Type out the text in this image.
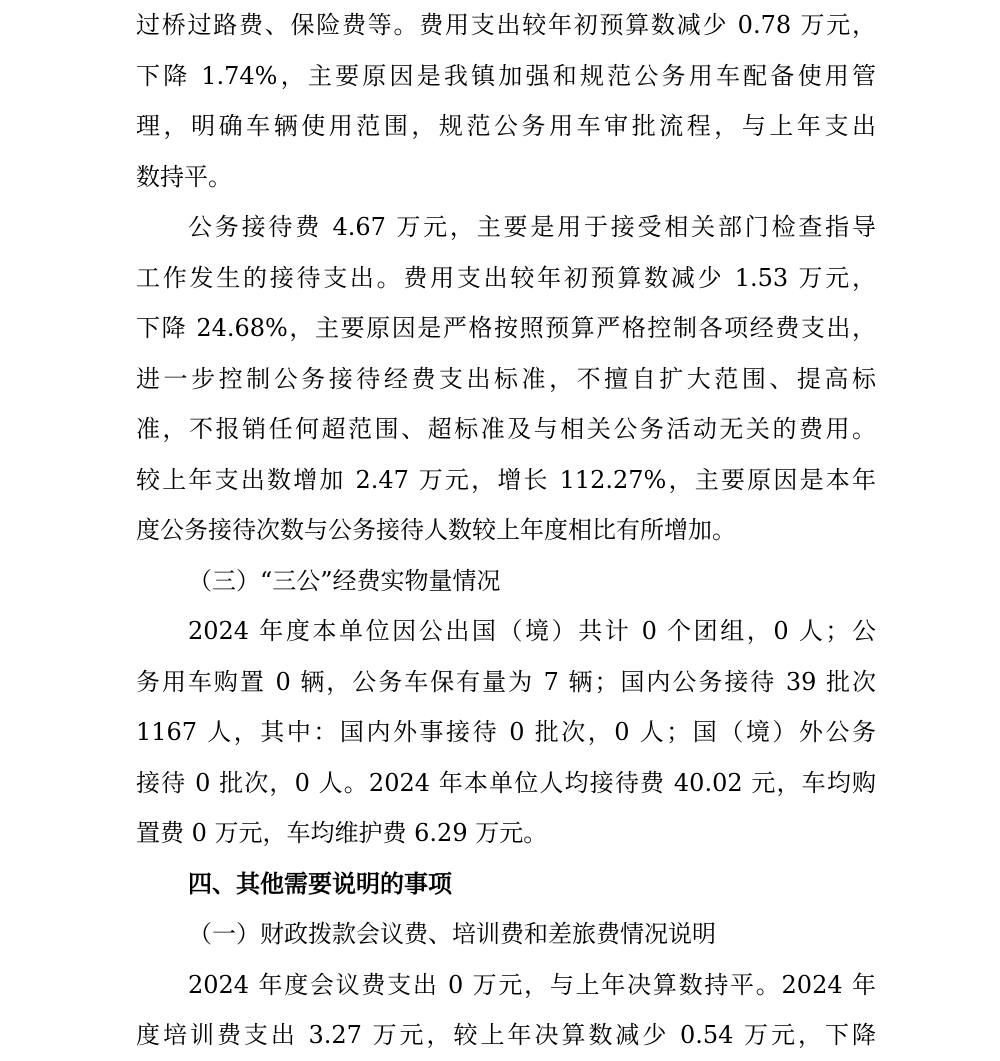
过桥过路费、保险费等。费用支出较年初预算数减少 0.78 万元，
下降 1.74%，主要原因是我镇加强和规范公务用车配备使用管
理，明确车辆使用范围，规范公务用车审批流程，与上年支出
数持平。
公务接待费 4.67 万元，主要是用于接受相关部门检查指导
工作发生的接待支出。费用支出较年初预算数减少 1.53 万元，
下降 24.68%，主要原因是严格按照预算严格控制各项经费支出，
进一步控制公务接待经费支出标准，不擅自扩大范围、提高标
准，不报销任何超范围、超标准及与相关公务活动无关的费用。
较上年支出数增加 2.47 万元，增长 112.27%，主要原因是本年
度公务接待次数与公务接待人数较上年度相比有所增加。
（三）“三公”经费实物量情况
2024 年度本单位因公出国（境）共计 0 个团组，0 人；公
务用车购置 0 辆，公务车保有量为 7 辆；国内公务接待 39 批次
1167 人，其中：国内外事接待 0 批次，0 人；国（境）外公务
接待 0 批次，0 人。2024 年本单位人均接待费 40.02 元，车均购
置费 0 万元，车均维护费 6.29 万元。
四、其他需要说明的事项
（一）财政拨款会议费、培训费和差旅费情况说明
2024 年度会议费支出 0 万元，与上年决算数持平。2024 年
度培训费支出 3.27 万元，较上年决算数减少 0.54 万元，下降
